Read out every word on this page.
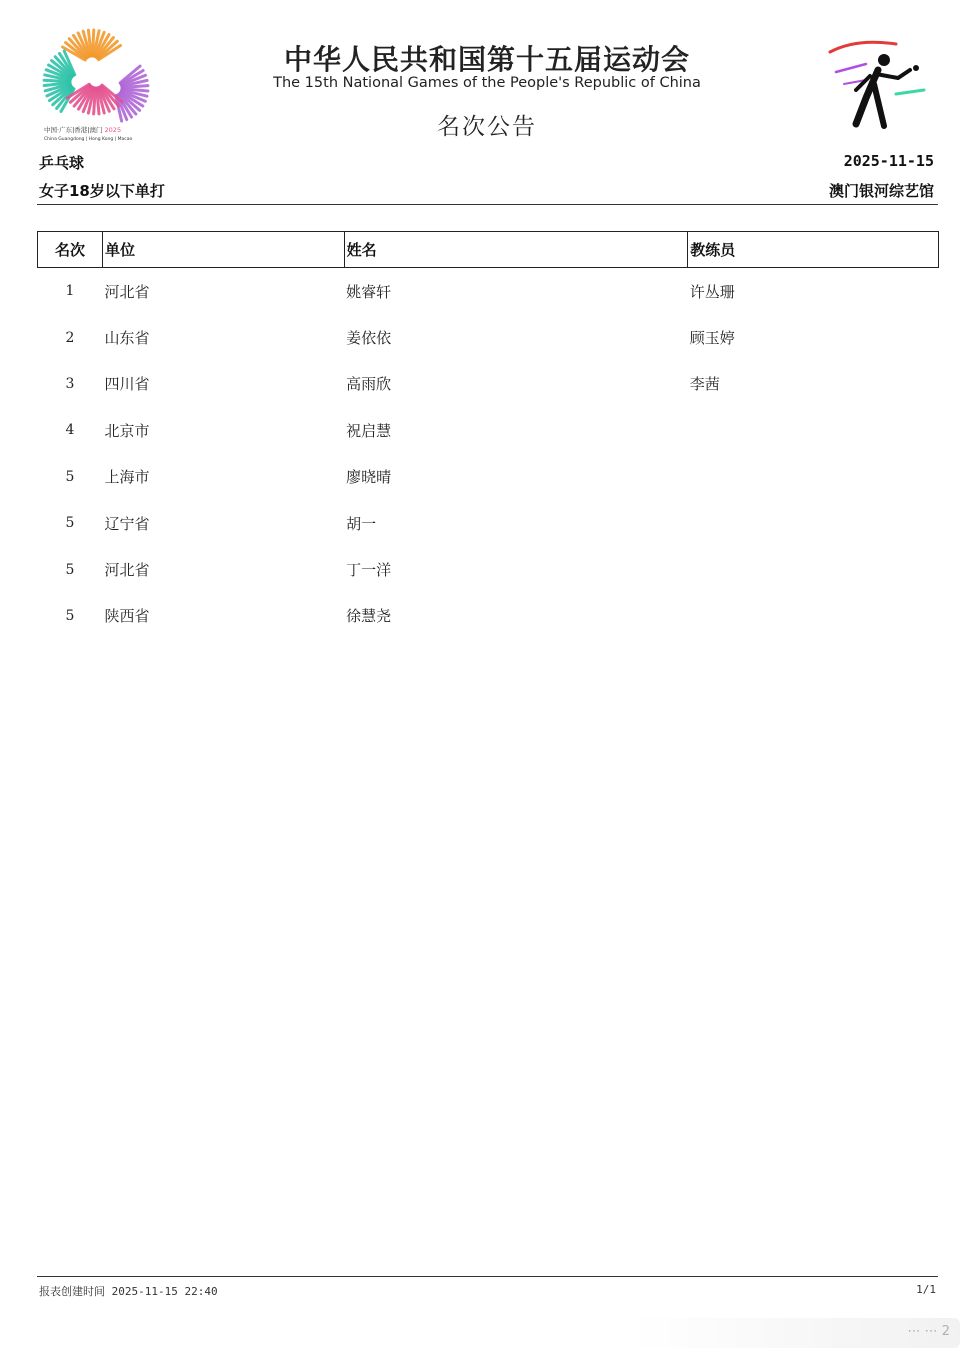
中国·广东|香港|澳门 2025
China Guangdong | Hong Kong | Macao
中华人民共和国第十五届运动会
The 15th National Games of the People's Republic of China
名次公告
乒乓球
女子18岁以下单打
2025-11-15
澳门银河综艺馆
名次	单位	姓名	教练员
1	河北省	姚睿轩	许丛珊
2	山东省	姜依依	顾玉婷
3	四川省	高雨欣	李茜
4	北京市	祝启慧	
5	上海市	廖晓晴	
5	辽宁省	胡一	
5	河北省	丁一洋	
5	陕西省	徐慧尧	
报表创建时间 2025-11-15 22:40	1/1
⋯ ⋯ 2
